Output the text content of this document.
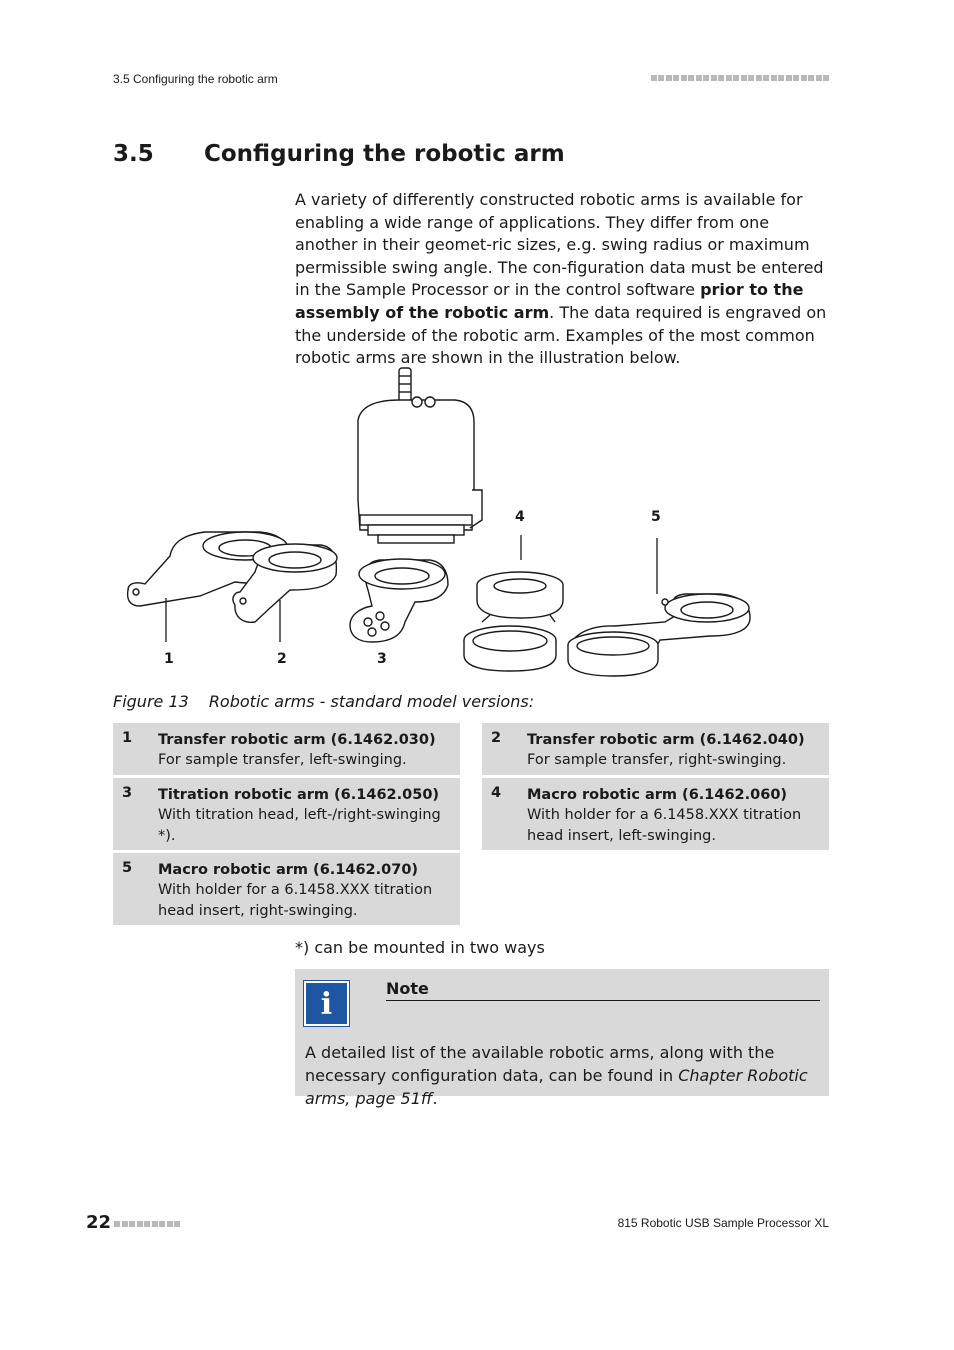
3.5 Configuring the robotic arm
3.5 Configuring the robotic arm

A variety of differently constructed robotic arms is available for enabling a wide range of applications. They differ from one another in their geomet-ric sizes, e.g. swing radius or maximum permissible swing angle. The con-figuration data must be entered in the Sample Processor or in the control software prior to the assembly of the robotic arm. The data required is engraved on the underside of the robotic arm. Examples of the most common robotic arms are shown in the illustration below.

1	2	3
4	5
Figure 13 Robotic arms - standard model versions:
1 Transfer robotic arm (6.1462.030)
For sample transfer, left-swinging.
2 Transfer robotic arm (6.1462.040)
For sample transfer, right-swinging.
3 Titration robotic arm (6.1462.050)
With titration head, left-/right-swinging *).
4 Macro robotic arm (6.1462.060)
With holder for a 6.1458.XXX titration head insert, left-swinging.
5 Macro robotic arm (6.1462.070)
With holder for a 6.1458.XXX titration head insert, right-swinging.
*) can be mounted in two ways
i	Note
A detailed list of the available robotic arms, along with the necessary configuration data, can be found in Chapter Robotic arms, page 51ff.
22	815 Robotic USB Sample Processor XL
